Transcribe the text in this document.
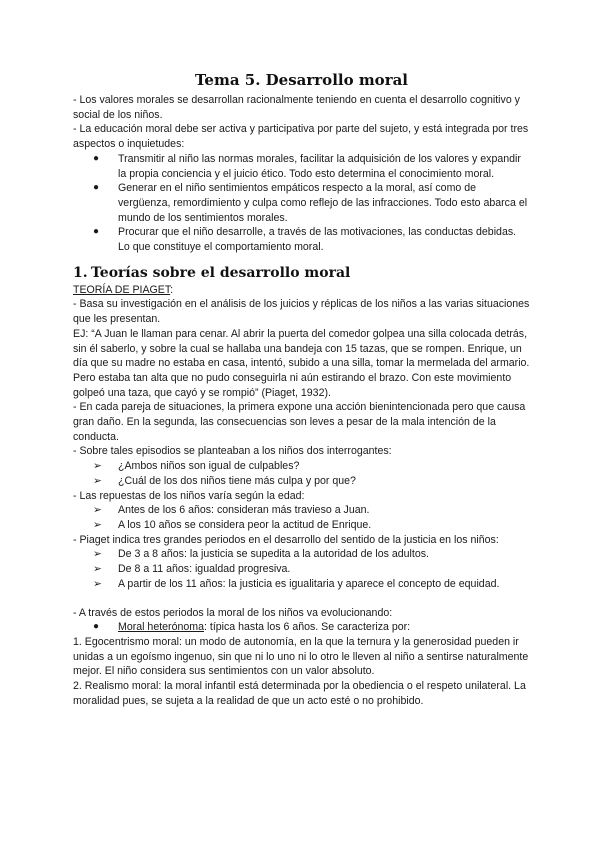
Tema 5. Desarrollo moral

- Los valores morales se desarrollan racionalmente teniendo en cuenta el desarrollo cognitivo y social de los niños.

- La educación moral debe ser activa y participativa por parte del sujeto, y está integrada por tres aspectos o inquietudes:

● Transmitir al niño las normas morales, facilitar la adquisición de los valores y expandir la propia conciencia y el juicio ético. Todo esto determina el conocimiento moral.
● Generar en el niño sentimientos empáticos respecto a la moral, así como de vergüenza, remordimiento y culpa como reflejo de las infracciones. Todo esto abarca el mundo de los sentimientos morales.
● Procurar que el niño desarrolle, a través de las motivaciones, las conductas debidas. Lo que constituye el comportamiento moral.
1. Teorías sobre el desarrollo moral

TEORÍA DE PIAGET:

- Basa su investigación en el análisis de los juicios y réplicas de los niños a las varias situaciones que les presentan.

EJ: “A Juan le llaman para cenar. Al abrir la puerta del comedor golpea una silla colocada detrás, sin él saberlo, y sobre la cual se hallaba una bandeja con 15 tazas, que se rompen. Enrique, un día que su madre no estaba en casa, intentó, subido a una silla, tomar la mermelada del armario. Pero estaba tan alta que no pudo conseguirla ni aún estirando el brazo. Con este movimiento golpeó una taza, que cayó y se rompió” (Piaget, 1932).

- En cada pareja de situaciones, la primera expone una acción bienintencionada pero que causa gran daño. En la segunda, las consecuencias son leves a pesar de la mala intención de la conducta.

- Sobre tales episodios se planteaban a los niños dos interrogantes:

➢ ¿Ambos niños son igual de culpables?
➢ ¿Cuál de los dos niños tiene más culpa y por que?

- Las repuestas de los niños varía según la edad:

➢ Antes de los 6 años: consideran más travieso a Juan.
➢ A los 10 años se considera peor la actitud de Enrique.

- Piaget indica tres grandes periodos en el desarrollo del sentido de la justicia en los niños:

➢ De 3 a 8 años: la justicia se supedita a la autoridad de los adultos.
➢ De 8 a 11 años: igualdad progresiva.
➢ A partir de los 11 años: la justicia es igualitaria y aparece el concepto de equidad.

- A través de estos periodos la moral de los niños va evolucionando:

● Moral heterónoma: típica hasta los 6 años. Se caracteriza por:

1. Egocentrismo moral: un modo de autonomía, en la que la ternura y la generosidad pueden ir unidas a un egoísmo ingenuo, sin que ni lo uno ni lo otro le lleven al niño a sentirse naturalmente mejor. El niño considera sus sentimientos con un valor absoluto.

2. Realismo moral: la moral infantil está determinada por la obediencia o el respeto unilateral. La moralidad pues, se sujeta a la realidad de que un acto esté o no prohibido.
